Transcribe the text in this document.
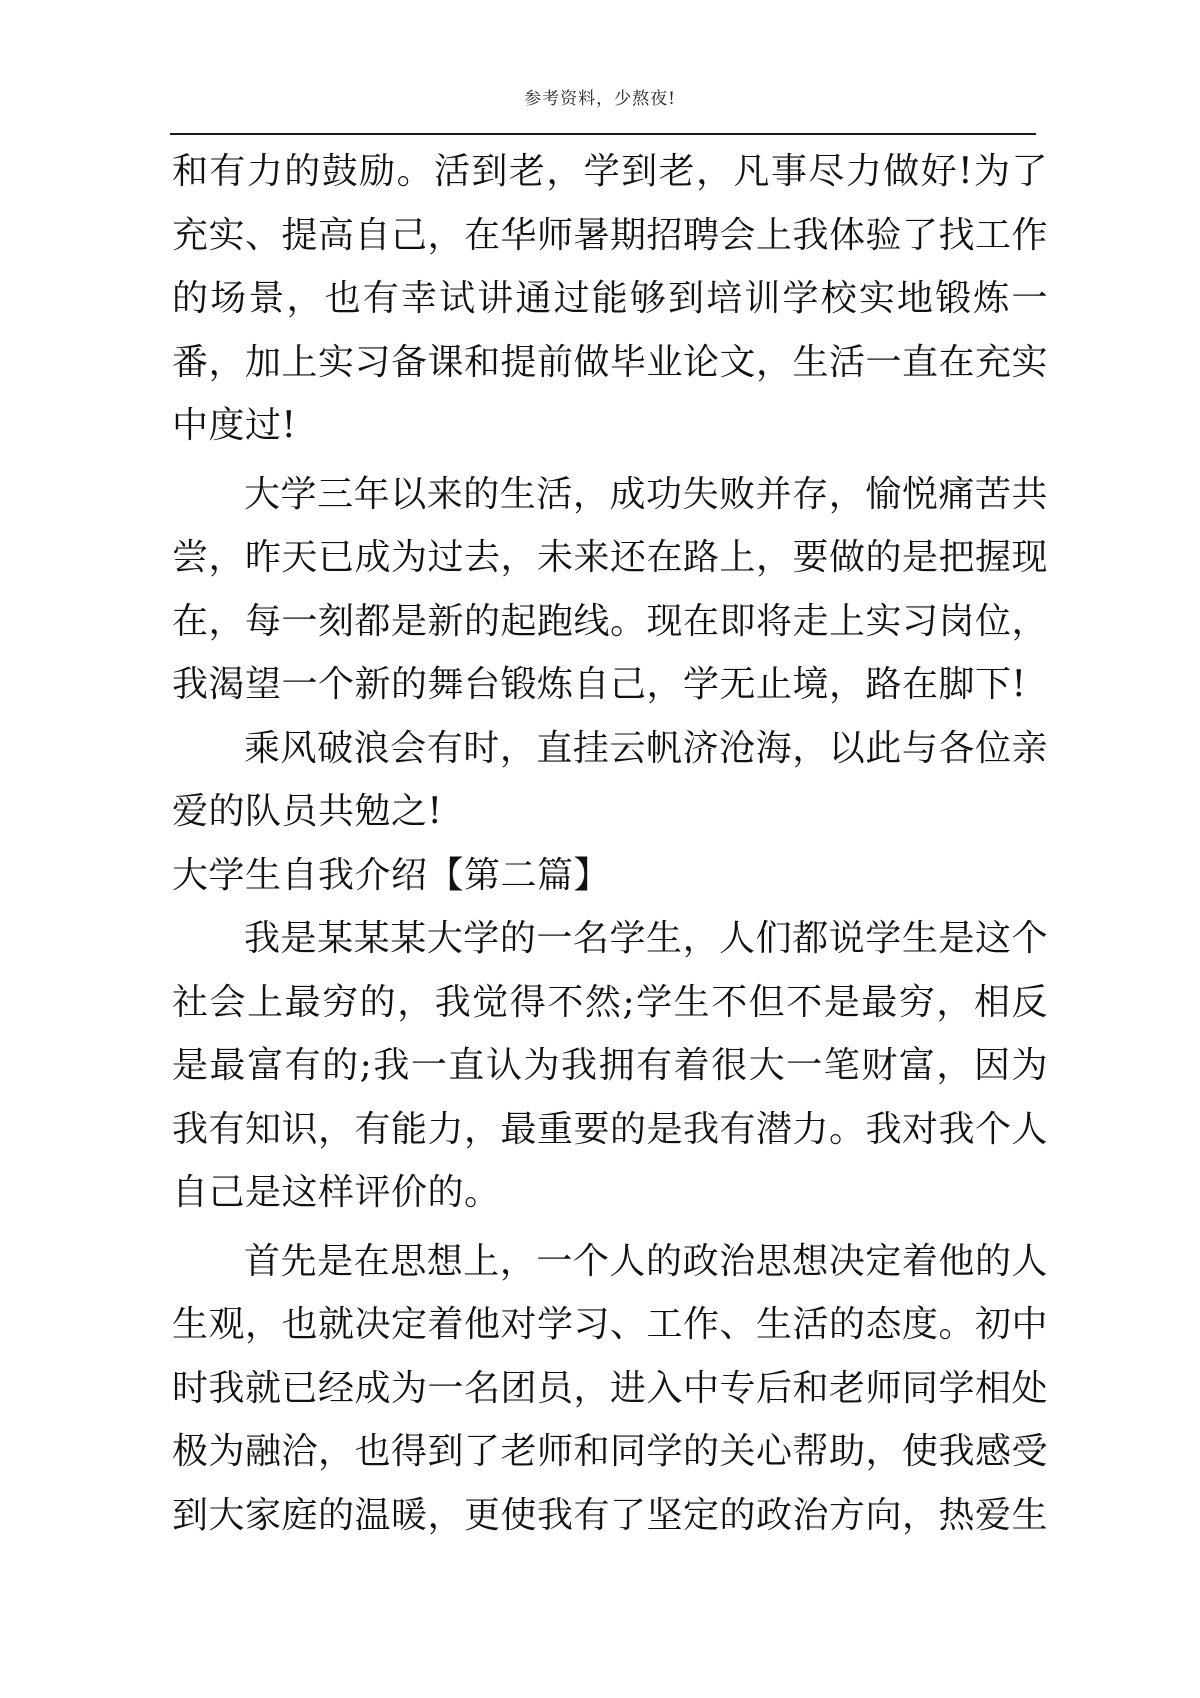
参考资料，少熬夜!

和有力的鼓励。活到老，学到老，凡事尽力做好!为了充实、提高自己，在华师暑期招聘会上我体验了找工作的场景，也有幸试讲通过能够到培训学校实地锻炼一番，加上实习备课和提前做毕业论文，生活一直在充实中度过!

大学三年以来的生活，成功失败并存，愉悦痛苦共尝，昨天已成为过去，未来还在路上，要做的是把握现在，每一刻都是新的起跑线。现在即将走上实习岗位，我渴望一个新的舞台锻炼自己，学无止境，路在脚下!

乘风破浪会有时，直挂云帆济沧海，以此与各位亲爱的队员共勉之!

大学生自我介绍【第二篇】

我是某某某大学的一名学生，人们都说学生是这个社会上最穷的，我觉得不然;学生不但不是最穷，相反是最富有的;我一直认为我拥有着很大一笔财富，因为我有知识，有能力，最重要的是我有潜力。我对我个人自己是这样评价的。

首先是在思想上，一个人的政治思想决定着他的人生观，也就决定着他对学习、工作、生活的态度。初中时我就已经成为一名团员，进入中专后和老师同学相处极为融洽，也得到了老师和同学的关心帮助，使我感受到大家庭的温暖，更使我有了坚定的政治方向，热爱生
